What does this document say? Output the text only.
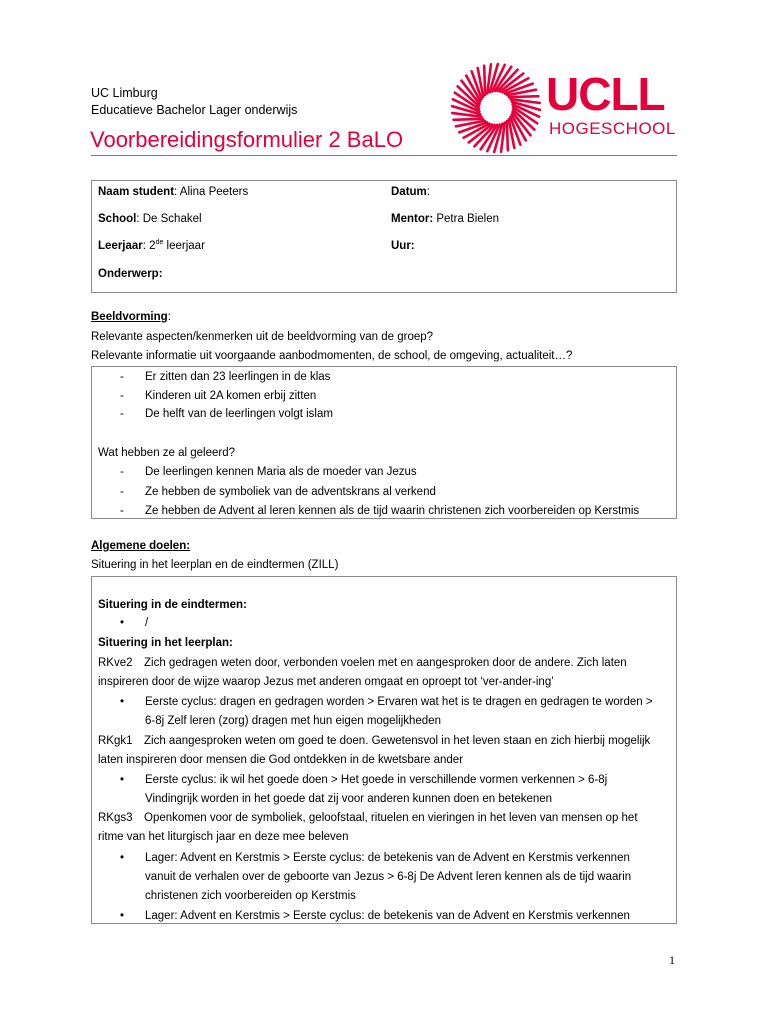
UC Limburg
Educatieve Bachelor Lager onderwijs
Voorbereidingsformulier 2 BaLO
UCLL
HOGESCHOOL
Naam student: Alina Peeters	Datum:
School: De Schakel	Mentor: Petra Bielen
Leerjaar: 2de leerjaar	Uur:
Onderwerp:
Beeldvorming:
Relevante aspecten/kenmerken uit de beeldvorming van de groep?
Relevante informatie uit voorgaande aanbodmomenten, de school, de omgeving, actualiteit…?
- Er zitten dan 23 leerlingen in de klas
- Kinderen uit 2A komen erbij zitten
- De helft van de leerlingen volgt islam
Wat hebben ze al geleerd?
- De leerlingen kennen Maria als de moeder van Jezus
- Ze hebben de symboliek van de adventskrans al verkend
- Ze hebben de Advent al leren kennen als de tijd waarin christenen zich voorbereiden op Kerstmis
Algemene doelen:
Situering in het leerplan en de eindtermen (ZILL)
Situering in de eindtermen:
• /
Situering in het leerplan:
RKve2 Zich gedragen weten door, verbonden voelen met en aangesproken door de andere. Zich laten
inspireren door de wijze waarop Jezus met anderen omgaat en oproept tot ‘ver-ander-ing’
• Eerste cyclus: dragen en gedragen worden > Ervaren wat het is te dragen en gedragen te worden >
6-8j Zelf leren (zorg) dragen met hun eigen mogelijkheden
RKgk1 Zich aangesproken weten om goed te doen. Gewetensvol in het leven staan en zich hierbij mogelijk
laten inspireren door mensen die God ontdekken in de kwetsbare ander
• Eerste cyclus: ik wil het goede doen > Het goede in verschillende vormen verkennen > 6-8j
Vindingrijk worden in het goede dat zij voor anderen kunnen doen en betekenen
RKgs3 Openkomen voor de symboliek, geloofstaal, rituelen en vieringen in het leven van mensen op het
ritme van het liturgisch jaar en deze mee beleven
• Lager: Advent en Kerstmis > Eerste cyclus: de betekenis van de Advent en Kerstmis verkennen
vanuit de verhalen over de geboorte van Jezus > 6-8j De Advent leren kennen als de tijd waarin
christenen zich voorbereiden op Kerstmis
• Lager: Advent en Kerstmis > Eerste cyclus: de betekenis van de Advent en Kerstmis verkennen
1
